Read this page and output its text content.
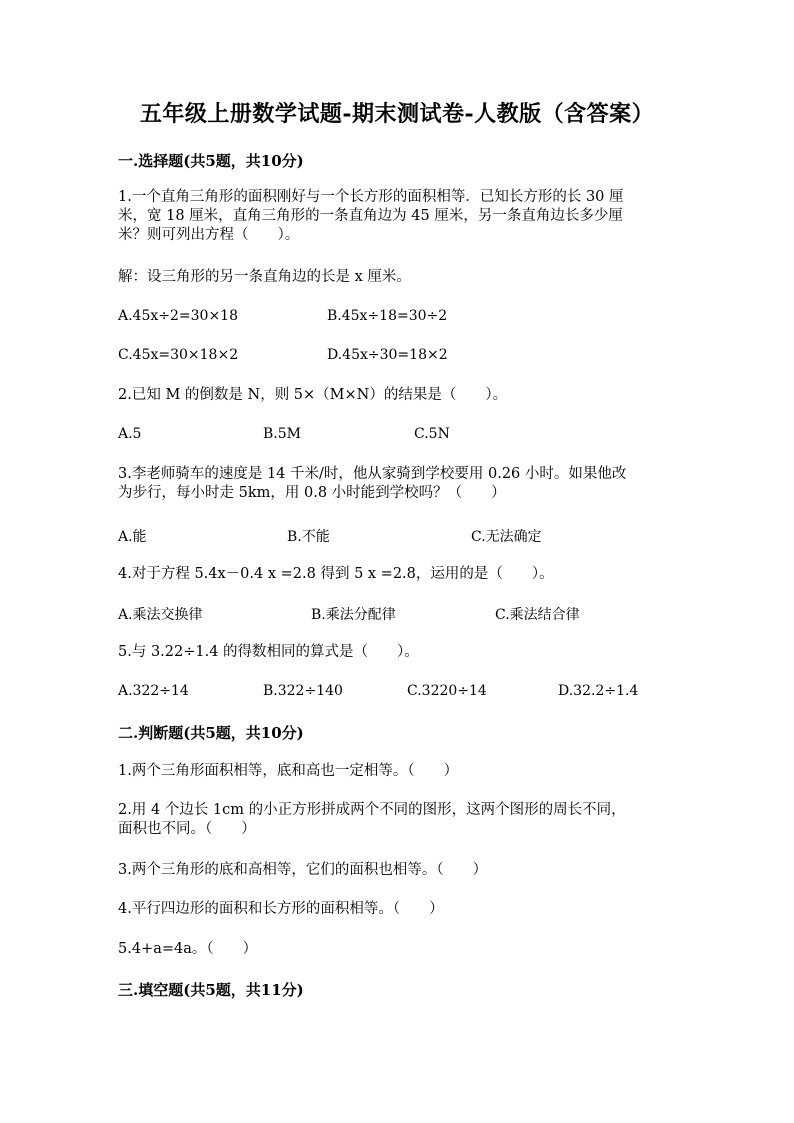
五年级上册数学试题-期末测试卷-人教版（含答案）
一.选择题(共5题，共10分)
1.一个直角三角形的面积刚好与一个长方形的面积相等．已知长方形的长 30 厘
米，宽 18 厘米，直角三角形的一条直角边为 45 厘米，另一条直角边长多少厘
米？则可列出方程（　　）。
解：设三角形的另一条直角边的长是 x 厘米。
A.45x÷2=30×18	B.45x÷18=30÷2
C.45x=30×18×2	D.45x÷30=18×2
2.已知 M 的倒数是 N，则 5×（M×N）的结果是（　　）。
A.5	B.5M	C.5N
3.李老师骑车的速度是 14 千米/时，他从家骑到学校要用 0.26 小时。如果他改
为步行，每小时走 5km，用 0.8 小时能到学校吗？（　　）
A.能	B.不能	C.无法确定
4.对于方程 5.4x－0.4 x =2.8 得到 5 x =2.8，运用的是（　　）。
A.乘法交换律	B.乘法分配律	C.乘法结合律
5.与 3.22÷1.4 的得数相同的算式是（　　）。
A.322÷14	B.322÷140	C.3220÷14	D.32.2÷1.4
二.判断题(共5题，共10分)
1.两个三角形面积相等，底和高也一定相等。（　　）
2.用 4 个边长 1cm 的小正方形拼成两个不同的图形，这两个图形的周长不同，
面积也不同。（　　）
3.两个三角形的底和高相等，它们的面积也相等。（　　）
4.平行四边形的面积和长方形的面积相等。（　　）
5.4+a=4a。（　　）
三.填空题(共5题，共11分)
